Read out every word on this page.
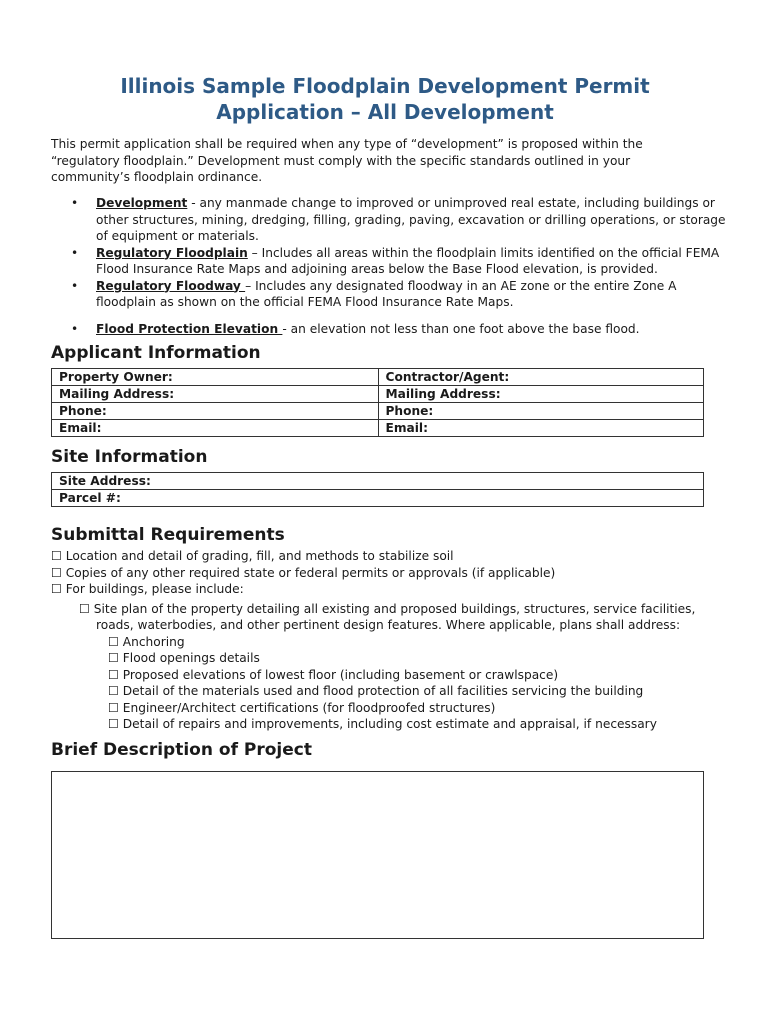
Illinois Sample Floodplain Development Permit
Application – All Development

This permit application shall be required when any type of “development” is proposed within the “regulatory floodplain.” Development must comply with the specific standards outlined in your community’s floodplain ordinance.

• Development - any manmade change to improved or unimproved real estate, including buildings or other structures, mining, dredging, filling, grading, paving, excavation or drilling operations, or storage of equipment or materials.
• Regulatory Floodplain – Includes all areas within the floodplain limits identified on the official FEMA Flood Insurance Rate Maps and adjoining areas below the Base Flood elevation, is provided.
• Regulatory Floodway – Includes any designated floodway in an AE zone or the entire Zone A floodplain as shown on the official FEMA Flood Insurance Rate Maps.
• Flood Protection Elevation - an elevation not less than one foot above the base flood.
Applicant Information
Property Owner:	Contractor/Agent:
Mailing Address:	Mailing Address:
Phone:	Phone:
Email:	Email:
Site Information
Site Address:
Parcel #:
Submittal Requirements
☐ Location and detail of grading, fill, and methods to stabilize soil
☐ Copies of any other required state or federal permits or approvals (if applicable)
☐ For buildings, please include:
☐ Site plan of the property detailing all existing and proposed buildings, structures, service facilities,
roads, waterbodies, and other pertinent design features. Where applicable, plans shall address:
☐ Anchoring
☐ Flood openings details
☐ Proposed elevations of lowest floor (including basement or crawlspace)
☐ Detail of the materials used and flood protection of all facilities servicing the building
☐ Engineer/Architect certifications (for floodproofed structures)
☐ Detail of repairs and improvements, including cost estimate and appraisal, if necessary
Brief Description of Project
